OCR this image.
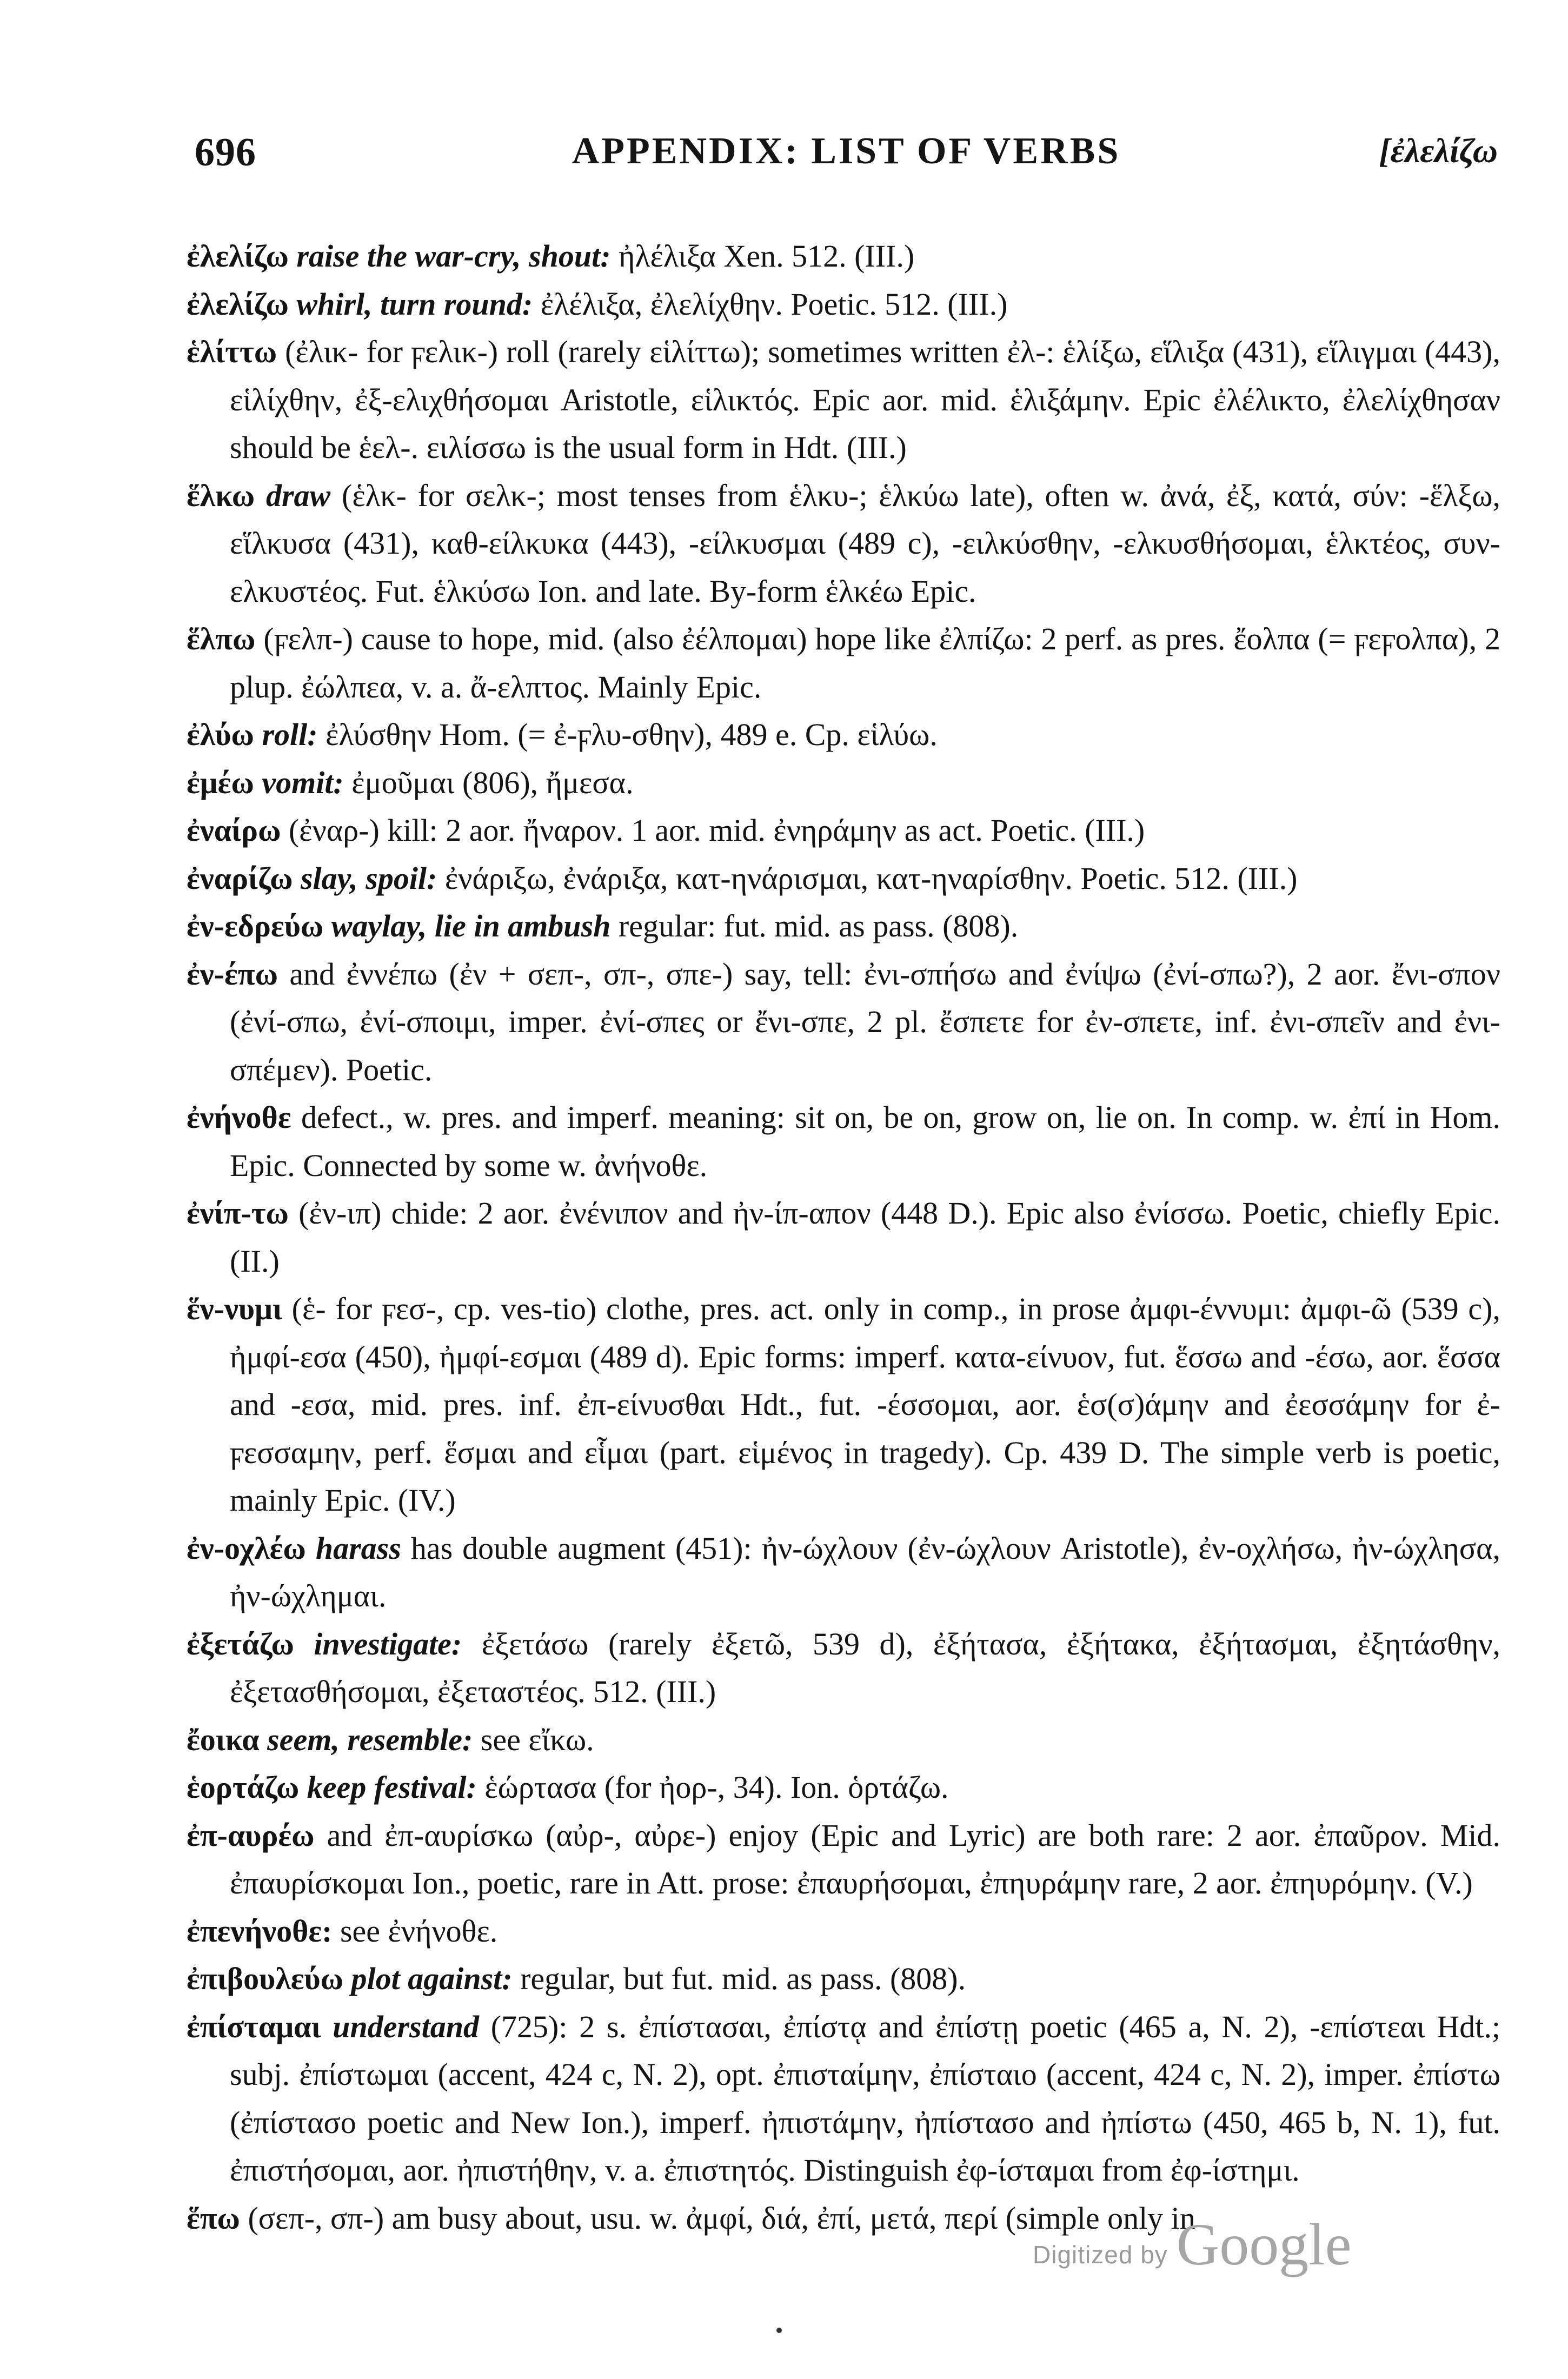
696	APPENDIX: LIST OF VERBS	[ἐλελίζω

ἐλελίζω raise the war-cry, shout: ἠλέλιξα Xen. 512. (III.)

ἐλελίζω whirl, turn round: ἐλέλιξα, ἐλελίχθην. Poetic. 512. (III.)

ἑλίττω (ἐλικ- for ϝελικ-) roll (rarely εἱλίττω); sometimes written ἐλ-: ἑλίξω, εἵλιξα (431), εἵλιγμαι (443), εἱλίχθην, ἐξ-ελιχθήσομαι Aristotle, εἱλικτός. Epic aor. mid. ἑλιξάμην. Epic ἐλέλικτο, ἐλελίχθησαν should be ἑελ-. ειλίσσω is the usual form in Hdt. (III.)

ἕλκω draw (ἑλκ- for σελκ-; most tenses from ἑλκυ-; ἑλκύω late), often w. ἀνά, ἐξ, κατά, σύν: -ἕλξω, εἵλκυσα (431), καθ-είλκυκα (443), -είλκυσμαι (489 c), -ειλκύσθην, -ελκυσθήσομαι, ἑλκτέος, συν-ελκυστέος. Fut. ἑλκύσω Ion. and late. By-form ἑλκέω Epic.

ἕλπω (ϝελπ-) cause to hope, mid. (also ἐέλπομαι) hope like ἐλπίζω: 2 perf. as pres. ἔολπα (= ϝεϝολπα), 2 plup. ἐώλπεα, v. a. ἄ-ελπτος. Mainly Epic.

ἐλύω roll: ἐλύσθην Hom. (= ἐ-ϝλυ-σθην), 489 e. Cp. εἱλύω.

ἐμέω vomit: ἐμοῦμαι (806), ἤμεσα.

ἐναίρω (ἐναρ-) kill: 2 aor. ἤναρον. 1 aor. mid. ἐνηράμην as act. Poetic. (III.)

ἐναρίζω slay, spoil: ἐνάριξω, ἐνάριξα, κατ-ηνάρισμαι, κατ-ηναρίσθην. Poetic. 512. (III.)

ἐν-εδρεύω waylay, lie in ambush regular: fut. mid. as pass. (808).

ἐν-έπω and ἐννέπω (ἐν + σεπ-, σπ-, σπε-) say, tell: ἐνι-σπήσω and ἐνίψω (ἐνί-σπω?), 2 aor. ἔνι-σπον (ἐνί-σπω, ἐνί-σποιμι, imper. ἐνί-σπες or ἔνι-σπε, 2 pl. ἔσπετε for ἐν-σπετε, inf. ἐνι-σπεῖν and ἐνι-σπέμεν). Poetic.

ἐνήνοθε defect., w. pres. and imperf. meaning: sit on, be on, grow on, lie on. In comp. w. ἐπί in Hom. Epic. Connected by some w. ἀνήνοθε.

ἐνίπ-τω (ἐν-ιπ) chide: 2 aor. ἐνένιπον and ἠν-ίπ-απον (448 D.). Epic also ἐνίσσω. Poetic, chiefly Epic. (II.)

ἕν-νυμι (ἑ- for ϝεσ-, cp. ves-tio) clothe, pres. act. only in comp., in prose ἀμφι-έννυμι: ἀμφι-ῶ (539 c), ἠμφί-εσα (450), ἠμφί-εσμαι (489 d). Epic forms: imperf. κατα-είνυον, fut. ἕσσω and -έσω, aor. ἕσσα and -εσα, mid. pres. inf. ἐπ-είνυσθαι Hdt., fut. -έσσομαι, aor. ἑσ(σ)άμην and ἐεσσάμην for ἐ-ϝεσσαμην, perf. ἕσμαι and εἷμαι (part. εἱμένος in tragedy). Cp. 439 D. The simple verb is poetic, mainly Epic. (IV.)

ἐν-οχλέω harass has double augment (451): ἠν-ώχλουν (ἐν-ώχλουν Aristotle), ἐν-οχλήσω, ἠν-ώχλησα, ἠν-ώχλημαι.

ἐξετάζω investigate: ἐξετάσω (rarely ἐξετῶ, 539 d), ἐξήτασα, ἐξήτακα, ἐξήτασμαι, ἐξητάσθην, ἐξετασθήσομαι, ἐξεταστέος. 512. (III.)

ἔοικα seem, resemble: see εἴκω.

ἑορτάζω keep festival: ἑώρτασα (for ἠορ-, 34). Ion. ὁρτάζω.

ἐπ-αυρέω and ἐπ-αυρίσκω (αὐρ-, αὐρε-) enjoy (Epic and Lyric) are both rare: 2 aor. ἐπαῦρον. Mid. ἐπαυρίσκομαι Ion., poetic, rare in Att. prose: ἐπαυρήσομαι, ἐπηυράμην rare, 2 aor. ἐπηυρόμην. (V.)

ἐπενήνοθε: see ἐνήνοθε.

ἐπιβουλεύω plot against: regular, but fut. mid. as pass. (808).

ἐπίσταμαι understand (725): 2 s. ἐπίστασαι, ἐπίστᾳ and ἐπίστῃ poetic (465 a, N. 2), -επίστεαι Hdt.; subj. ἐπίστωμαι (accent, 424 c, N. 2), opt. ἐπισταίμην, ἐπίσταιο (accent, 424 c, N. 2), imper. ἐπίστω (ἐπίστασο poetic and New Ion.), imperf. ἠπιστάμην, ἠπίστασο and ἠπίστω (450, 465 b, N. 1), fut. ἐπιστήσομαι, aor. ἠπιστήθην, v. a. ἐπιστητός. Distinguish ἐφ-ίσταμαι from ἐφ-ίστημι.

ἕπω (σεπ-, σπ-) am busy about, usu. w. ἀμφί, διά, ἐπί, μετά, περί (simple only in

Digitized by Google
